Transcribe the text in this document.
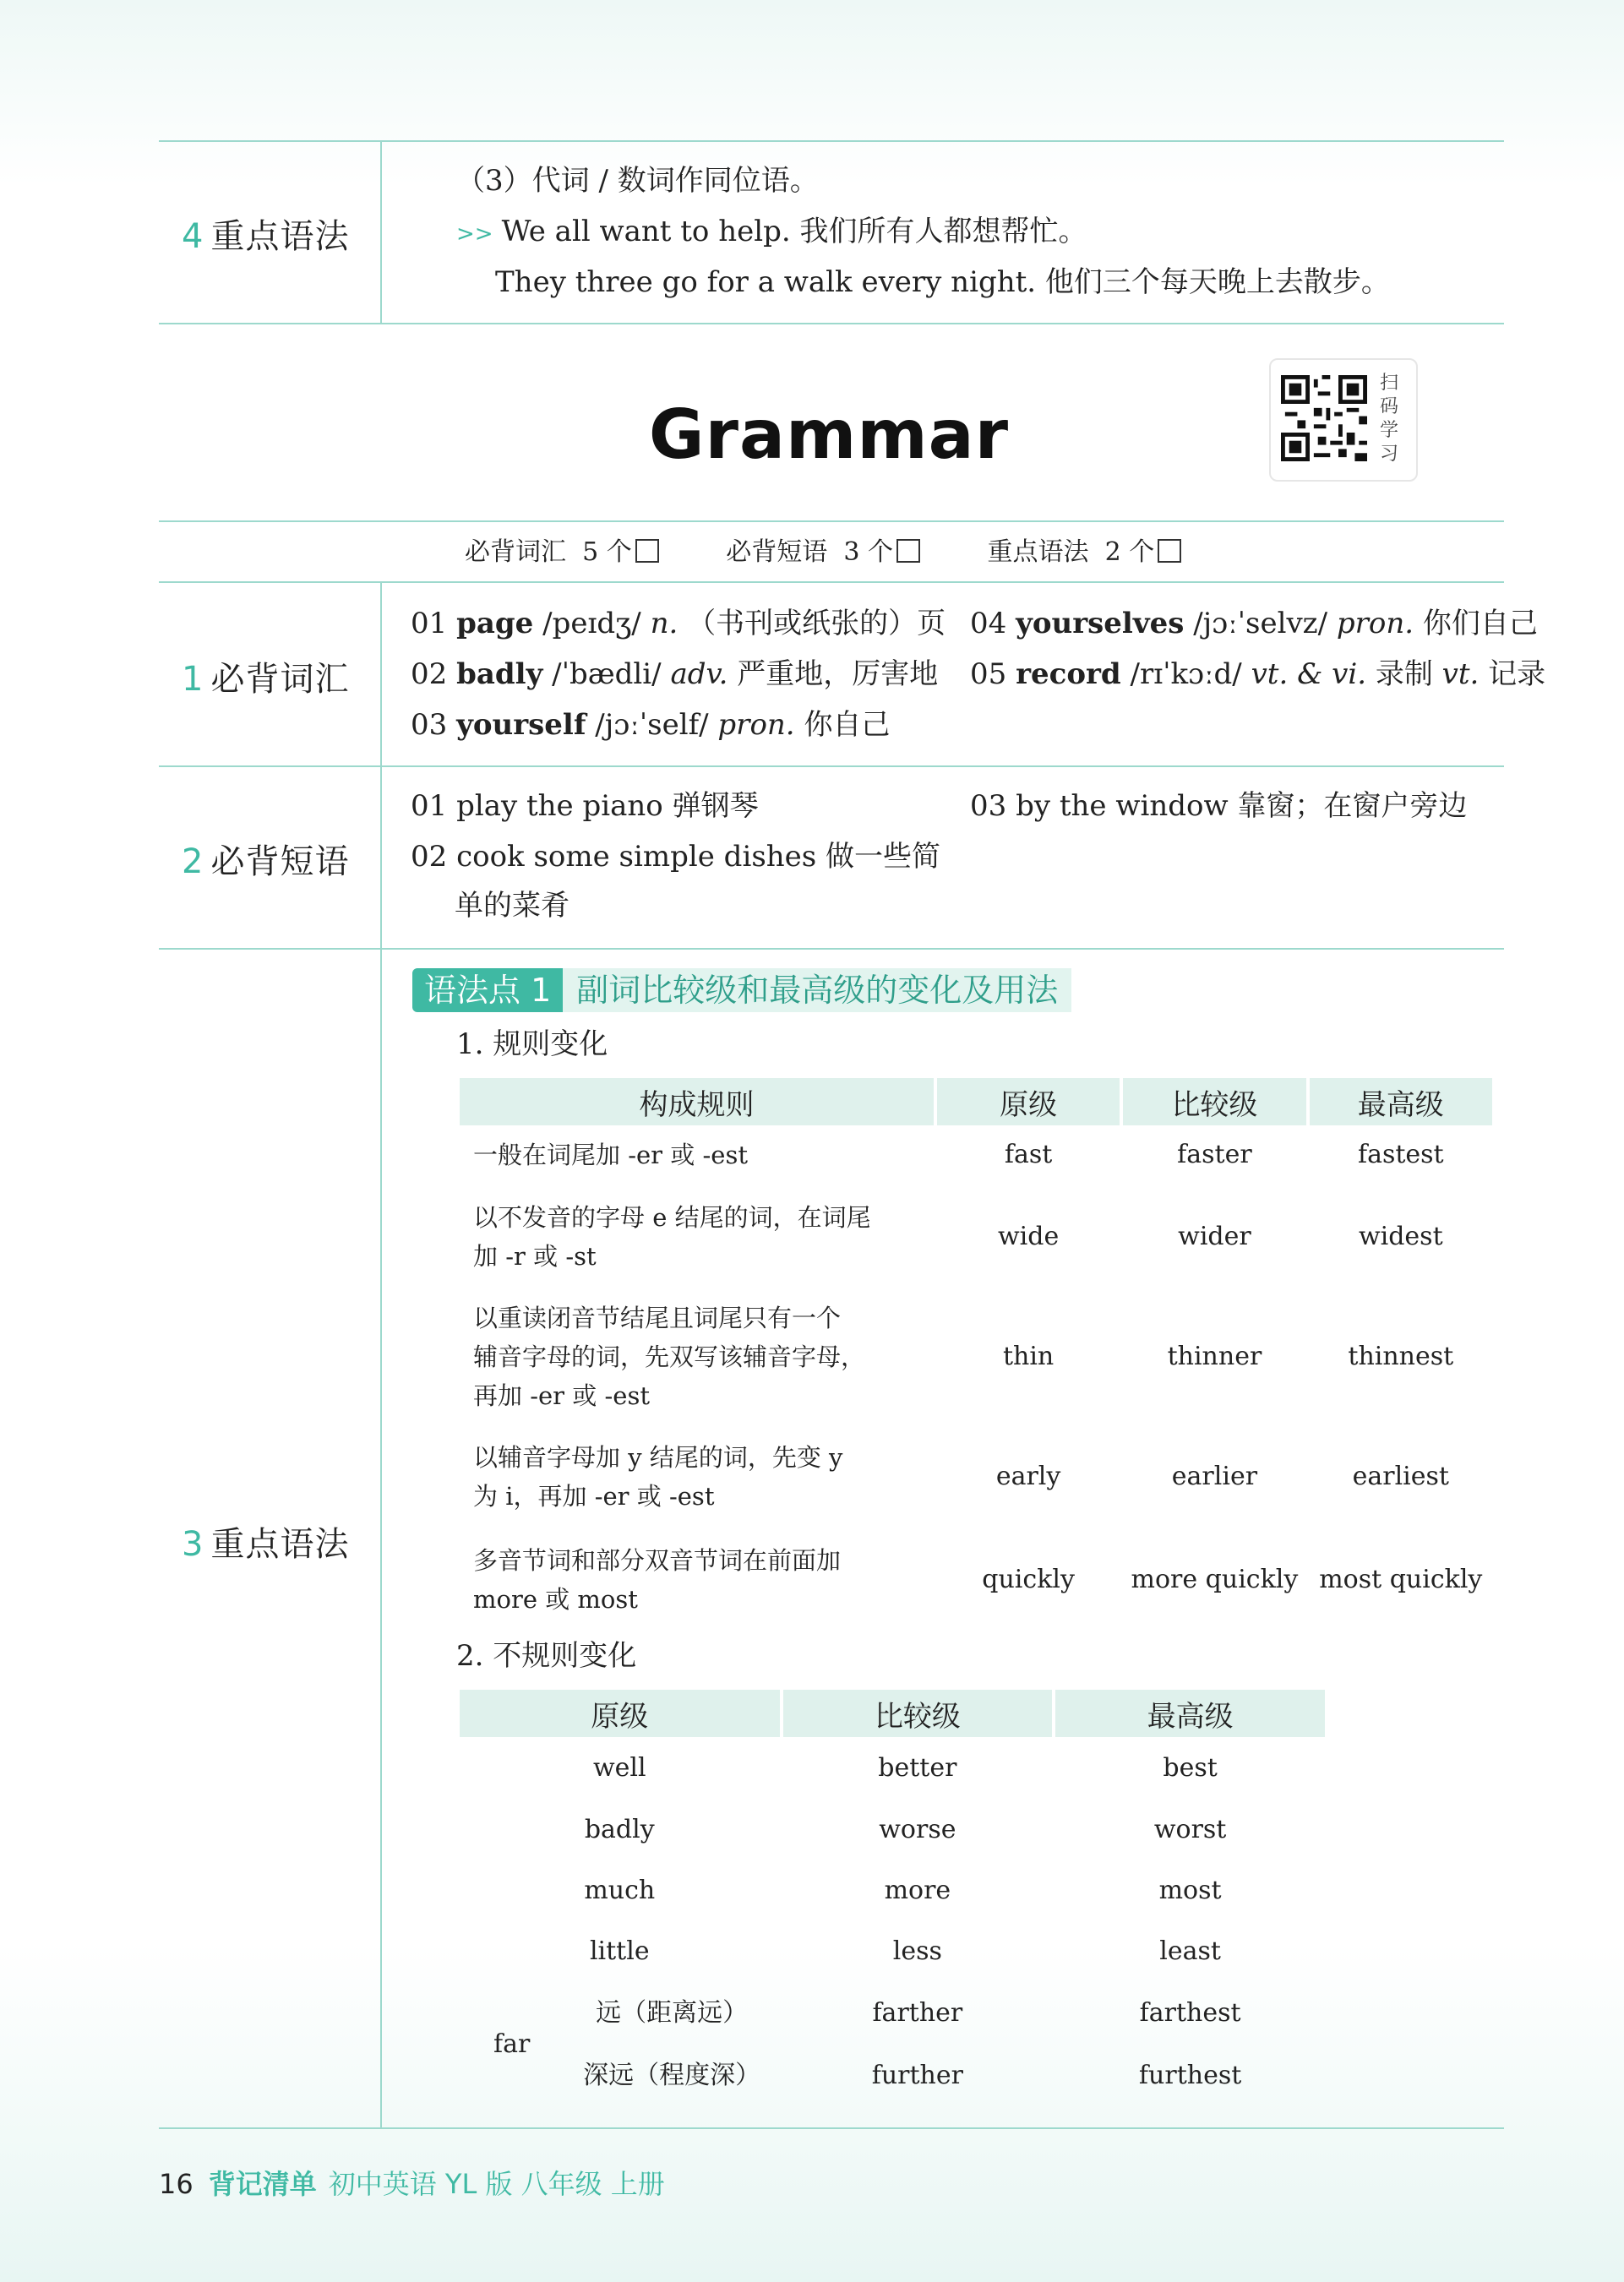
4 重点语法
（3）代词 / 数词作同位语。
>> We all want to help. 我们所有人都想帮忙。
They three go for a walk every night. 他们三个每天晚上去散步。
Grammar
扫
码
学
习
必背词汇 5 个	必背短语 3 个	重点语法 2 个
1 必背词汇
01 page /peɪdʒ/ n. （书刊或纸张的）页
02 badly /ˈbædli/ adv. 严重地，厉害地
03 yourself /jɔːˈself/ pron. 你自己
04 yourselves /jɔːˈselvz/ pron. 你们自己
05 record /rɪˈkɔːd/ vt. & vi. 录制 vt. 记录
2 必背短语
01 play the piano 弹钢琴
02 cook some simple dishes 做一些简
单的菜肴
03 by the window 靠窗；在窗户旁边
3 重点语法
语法点 1 副词比较级和最高级的变化及用法
1. 规则变化
构成规则	原级	比较级	最高级

一般在词尾加 -er 或 -est	fast	faster	fastest

以不发音的字母 e 结尾的词，在词尾
加 -r 或 -st	wide	wider	widest

以重读闭音节结尾且词尾只有一个
辅音字母的词，先双写该辅音字母，
再加 -er 或 -est	thin	thinner	thinnest

以辅音字母加 y 结尾的词，先变 y
为 i，再加 -er 或 -est	early	earlier	earliest

多音节词和部分双音节词在前面加
more 或 most	quickly	more quickly	most quickly
2. 不规则变化
原级		比较级	最高级
well		better	best
badly		worse	worst
much		more	most
little		less	least
far	远（距离远）	farther	farthest
	深远（程度深）	further	furthest
16 背记清单 初中英语 YL 版 八年级 上册
